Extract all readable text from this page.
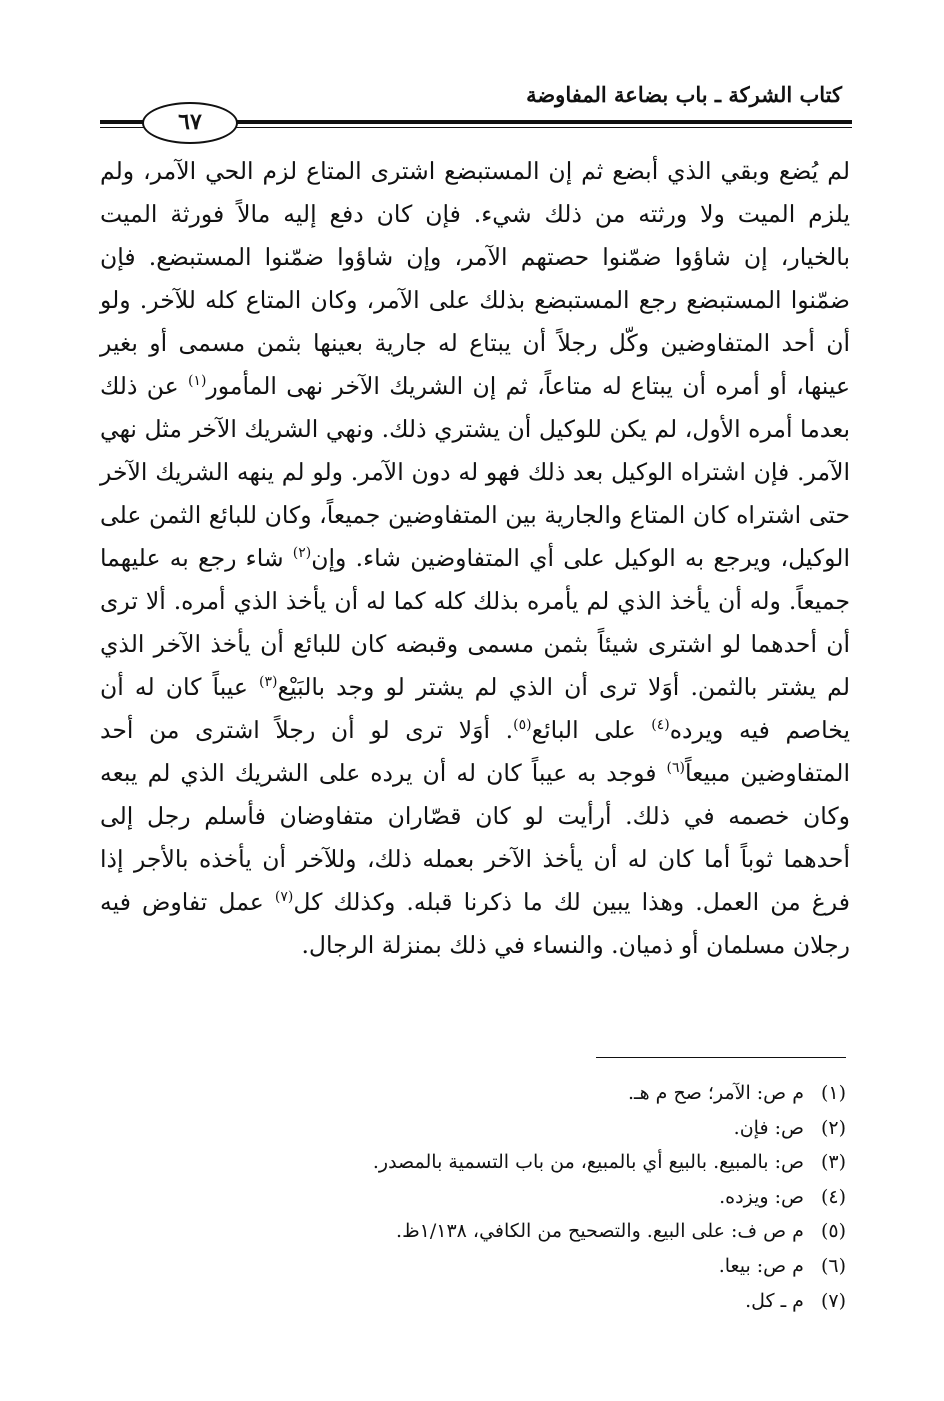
كتاب الشركة ـ باب بضاعة المفاوضة
٦٧

لم يُضع وبقي الذي أبضع ثم إن المستبضع اشترى المتاع لزم الحي الآمر، ولم يلزم الميت ولا ورثته من ذلك شيء. فإن كان دفع إليه مالاً فورثة الميت بالخيار، إن شاؤوا ضمّنوا حصتهم الآمر، وإن شاؤوا ضمّنوا المستبضع. فإن ضمّنوا المستبضع رجع المستبضع بذلك على الآمر، وكان المتاع كله للآخر. ولو أن أحد المتفاوضين وكّل رجلاً أن يبتاع له جارية بعينها بثمن مسمى أو بغير عينها، أو أمره أن يبتاع له متاعاً، ثم إن الشريك الآخر نهى المأمور$^{(١)}$ عن ذلك بعدما أمره الأول، لم يكن للوكيل أن يشتري ذلك. ونهي الشريك الآخر مثل نهي الآمر. فإن اشتراه الوكيل بعد ذلك فهو له دون الآمر. ولو لم ينهه الشريك الآخر حتى اشتراه كان المتاع والجارية بين المتفاوضين جميعاً، وكان للبائع الثمن على الوكيل، ويرجع به الوكيل على أي المتفاوضين شاء. وإن$^{(٢)}$ شاء رجع به عليهما جميعاً. وله أن يأخذ الذي لم يأمره بذلك كله كما له أن يأخذ الذي أمره. ألا ترى أن أحدهما لو اشترى شيئاً بثمن مسمى وقبضه كان للبائع أن يأخذ الآخر الذي لم يشتر بالثمن. أوَلا ترى أن الذي لم يشتر لو وجد بالبَيْع$^{(٣)}$ عيباً كان له أن يخاصم فيه ويرده$^{(٤)}$ على البائع$^{(٥)}$. أوَلا ترى لو أن رجلاً اشترى من أحد المتفاوضين مبيعاً$^{(٦)}$ فوجد به عيباً كان له أن يرده على الشريك الذي لم يبعه وكان خصمه في ذلك. أرأيت لو كان قصّاران متفاوضان فأسلم رجل إلى أحدهما ثوباً أما كان له أن يأخذ الآخر بعمله ذلك، وللآخر أن يأخذه بالأجر إذا فرغ من العمل. وهذا يبين لك ما ذكرنا قبله. وكذلك كل$^{(٧)}$ عمل تفاوض فيه رجلان مسلمان أو ذميان. والنساء في ذلك بمنزلة الرجال.

(١) م ص: الآمر؛ صح م هـ.
(٢) ص: فإن.
(٣) ص: بالمبيع. بالبيع أي بالمبيع، من باب التسمية بالمصدر.
(٤) ص: ويزده.
(٥) م ص ف: على البيع. والتصحيح من الكافي، ١/١٣٨ظ.
(٦) م ص: بيعا.
(٧) م ـ كل.
